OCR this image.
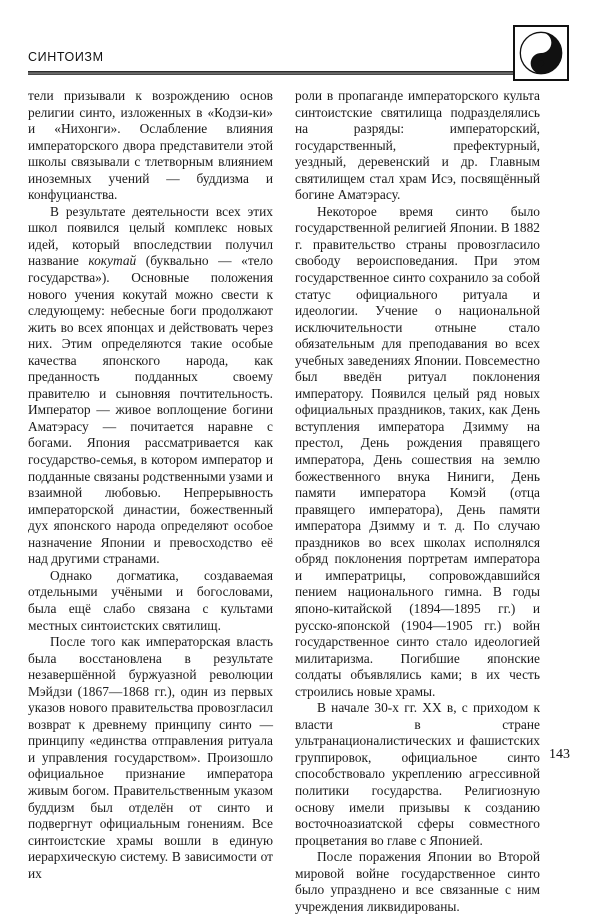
СИНТОИЗМ

тели призывали к возрождению основ религии синто, изложенных в «Кодзи-ки» и «Нихонги». Ослабление влияния императорского двора представители этой школы связывали с тлетворным влиянием иноземных учений — буддизма и конфуцианства.

В результате деятельности всех этих школ появился целый комплекс новых идей, который впоследствии получил название кокутай (буквально — «тело государства»). Основные положения нового учения кокутай можно свести к следующему: небесные боги продолжают жить во всех японцах и действовать через них. Этим определяются такие особые качества японского народа, как преданность подданных своему правителю и сыновняя почтительность. Император — живое воплощение богини Аматэрасу — почитается наравне с богами. Япония рассматривается как государство-семья, в котором император и подданные связаны родственными узами и взаимной любовью. Непрерывность императорской династии, божественный дух японского народа определяют особое назначение Японии и превосходство её над другими странами.

Однако догматика, создаваемая отдельными учёными и богословами, была ещё слабо связана с культами местных синтоистских святилищ.

После того как императорская власть была восстановлена в результате незавершённой буржуазной революции Мэйдзи (1867—1868 гг.), один из первых указов нового правительства провозгласил возврат к древнему принципу синто — принципу «единства отправления ритуала и управления государством». Произошло официальное признание императора живым богом. Правительственным указом буддизм был отделён от синто и подвергнут официальным гонениям. Все синтоистские храмы вошли в единую иерархическую систему. В зависимости от их

роли в пропаганде императорского культа синтоистские святилища подразделялись на разряды: императорский, государственный, префектурный, уездный, деревенский и др. Главным святилищем стал храм Исэ, посвящённый богине Аматэрасу.

Некоторое время синто было государственной религией Японии. В 1882 г. правительство страны провозгласило свободу вероисповедания. При этом государственное синто сохранило за собой статус официального ритуала и идеологии. Учение о национальной исключительности отныне стало обязательным для преподавания во всех учебных заведениях Японии. Повсеместно был введён ритуал поклонения императору. Появился целый ряд новых официальных праздников, таких, как День вступления императора Дзимму на престол, День рождения правящего императора, День сошествия на землю божественного внука Ниниги, День памяти императора Комэй (отца правящего императора), День памяти императора Дзимму и т. д. По случаю праздников во всех школах исполнялся обряд поклонения портретам императора и императрицы, сопровождавшийся пением национального гимна. В годы японо-китайской (1894—1895 гг.) и русско-японской (1904—1905 гг.) войн государственное синто стало идеологией милитаризма. Погибшие японские солдаты объявлялись ками; в их честь строились новые храмы.

В начале 30-х гг. XX в, с приходом к власти в стране ультранационалистических и фашистских группировок, официальное синто способствовало укреплению агрессивной политики государства. Религиозную основу имели призывы к созданию восточноазиатской сферы совместного процветания во главе с Японией.

После поражения Японии во Второй мировой войне государственное синто было упразднено и все связанные с ним учреждения ликвидированы.

143
